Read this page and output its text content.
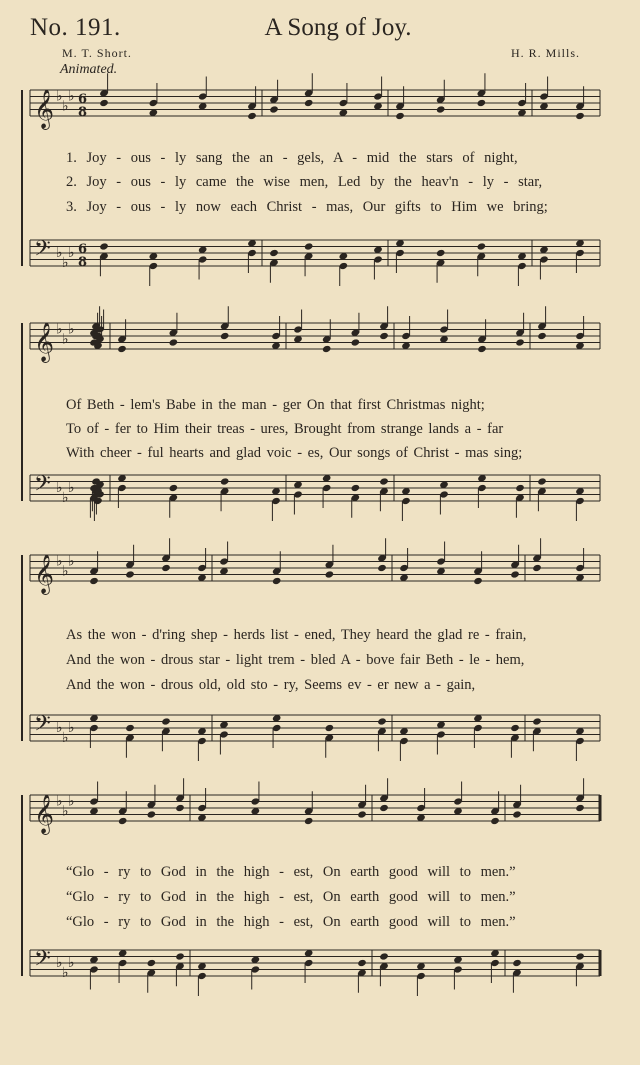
No. 191.	A Song of Joy.
M. T. Short.	H. R. Mills.
Animated.
𝄞
𝄢
♭
♭
♭
♭
♭
♭
6
8
6
8
𝄞
𝄢
♭
♭
♭
♭
♭
♭
𝄞
𝄢
♭
♭
♭
♭
♭
♭
𝄞
𝄢
♭
♭
♭
♭
♭
♭
1. Joy - ous - ly sang the an - gels, A - mid the stars of night,
2. Joy - ous - ly came the wise men, Led by the heav'n - ly - star,
3. Joy - ous - ly now each Christ - mas, Our gifts to Him we bring;
Of Beth - lem's Babe in the man - ger On that first Christmas night;
To of - fer to Him their treas - ures, Brought from strange lands a - far
With cheer - ful hearts and glad voic - es, Our songs of Christ - mas sing;
As the won - d'ring shep - herds list - ened, They heard the glad re - frain,
And the won - drous star - light trem - bled A - bove fair Beth - le - hem,
And the won - drous old, old sto - ry, Seems ev - er new a - gain,
“Glo - ry to God in the high - est, On earth good will to men.”
“Glo - ry to God in the high - est, On earth good will to men.”
“Glo - ry to God in the high - est, On earth good will to men.”
